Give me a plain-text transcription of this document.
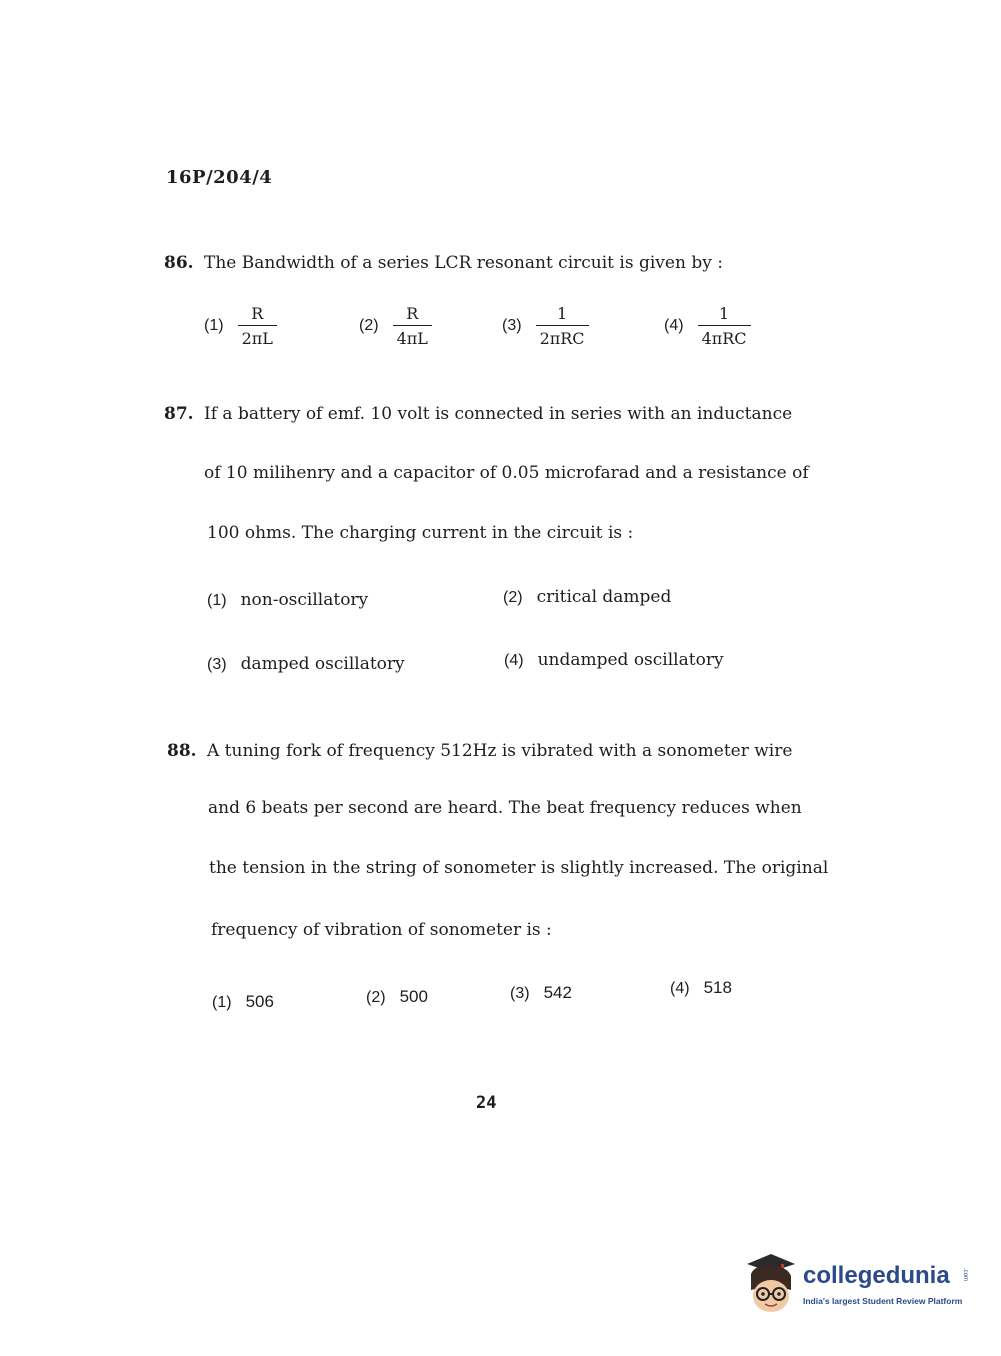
16P/204/4
86. The Bandwidth of a series LCR resonant circuit is given by :
$(1) \frac{R}{2\pi L}$	$(2) \frac{R}{4\pi L}$	$(3) \frac{1}{\text{2πRC}}$	$(4) \frac{1}{\text{4πRC}}$
87. If a battery of emf. 10 volt is connected in series with an inductance
of 10 milihenry and a capacitor of 0.05 microfarad and a resistance of
100 ohms. The charging current in the circuit is :
(1) non-oscillatory	(2) critical damped
(3) damped oscillatory	(4) undamped oscillatory
88. A tuning fork of frequency 512Hz is vibrated with a sonometer wire
and 6 beats per second are heard. The beat frequency reduces when
the tension in the string of sonometer is slightly increased. The original
frequency of vibration of sonometer is :
(1) 506	(2) 500	(3) 542	(4) 518
24
collegedunia .com
India's largest Student Review Platform
